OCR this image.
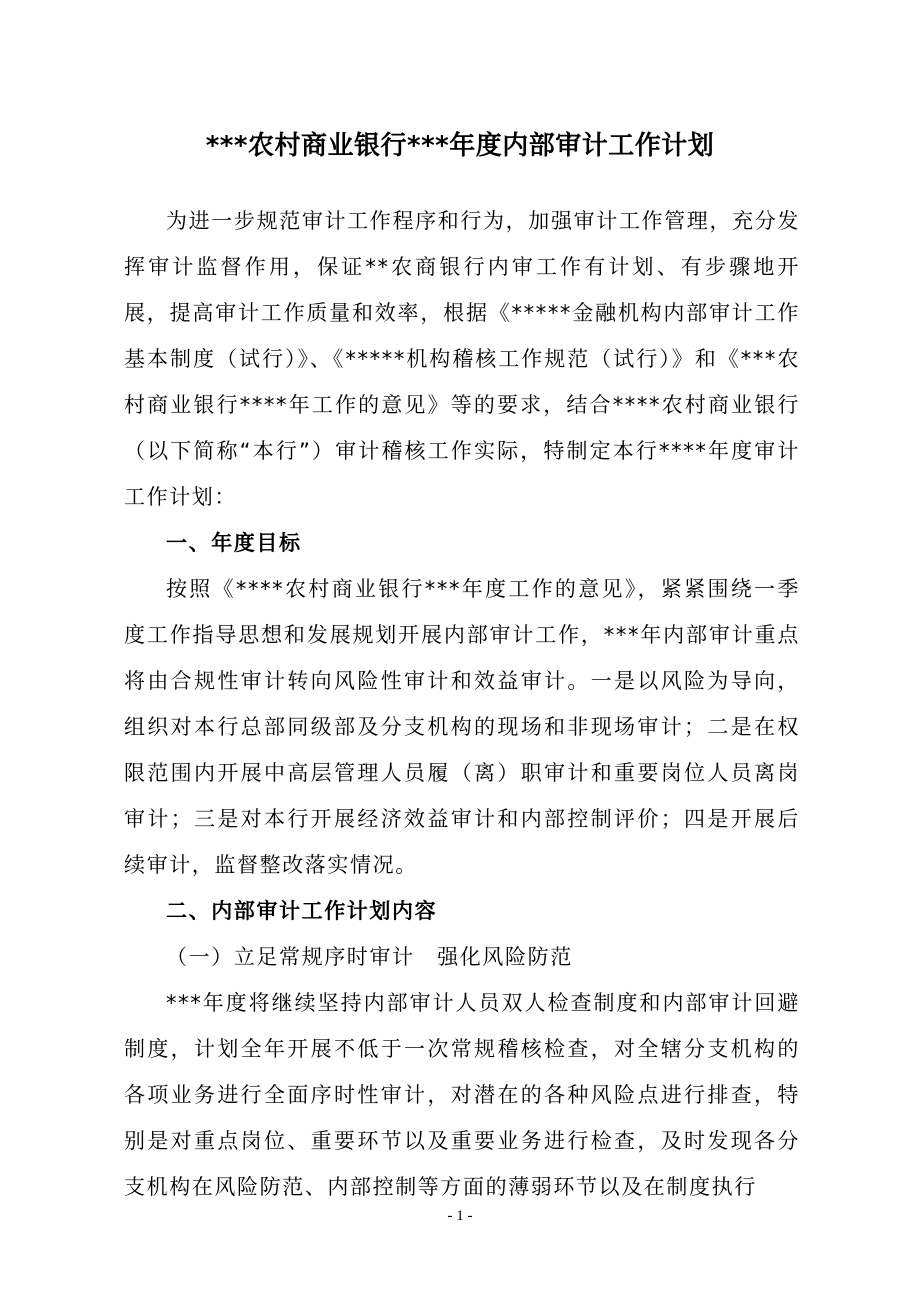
***农村商业银行***年度内部审计工作计划

为进一步规范审计工作程序和行为，加强审计工作管理，充分发挥审计监督作用，保证**农商银行内审工作有计划、有步骤地开展，提高审计工作质量和效率，根据《*****金融机构内部审计工作基本制度（试行）》、《*****机构稽核工作规范（试行）》和《***农村商业银行****年工作的意见》等的要求，结合****农村商业银行（以下简称“本行”）审计稽核工作实际，特制定本行****年度审计工作计划：

一、年度目标

按照《****农村商业银行***年度工作的意见》，紧紧围绕一季度工作指导思想和发展规划开展内部审计工作，***年内部审计重点将由合规性审计转向风险性审计和效益审计。一是以风险为导向，组织对本行总部同级部及分支机构的现场和非现场审计；二是在权限范围内开展中高层管理人员履（离）职审计和重要岗位人员离岗审计；三是对本行开展经济效益审计和内部控制评价；四是开展后续审计，监督整改落实情况。

二、内部审计工作计划内容

（一）立足常规序时审计　强化风险防范

***年度将继续坚持内部审计人员双人检查制度和内部审计回避制度，计划全年开展不低于一次常规稽核检查，对全辖分支机构的各项业务进行全面序时性审计，对潜在的各种风险点进行排查，特别是对重点岗位、重要环节以及重要业务进行检查，及时发现各分支机构在风险防范、内部控制等方面的薄弱环节以及在制度执行

- 1 -
